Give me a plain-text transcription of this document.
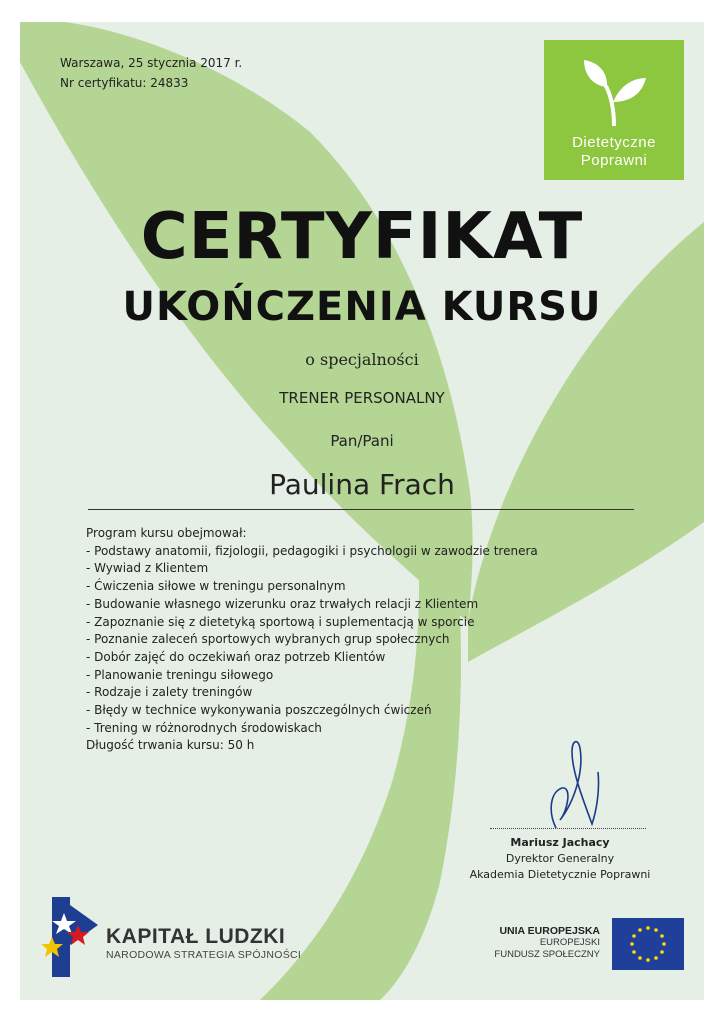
Warszawa, 25 stycznia 2017 r.
Nr certyfikatu: 24833
Dietetyczne
Poprawni
CERTYFIKAT
UKOŃCZENIA KURSU
o specjalności
TRENER PERSONALNY
Pan/Pani
Paulina Frach
Program kursu obejmował:
- Podstawy anatomii, fizjologii, pedagogiki i psychologii w zawodzie trenera
- Wywiad z Klientem
- Ćwiczenia siłowe w treningu personalnym
- Budowanie własnego wizerunku oraz trwałych relacji z Klientem
- Zapoznanie się z dietetyką sportową i suplementacją w sporcie
- Poznanie zaleceń sportowych wybranych grup społecznych
- Dobór zajęć do oczekiwań oraz potrzeb Klientów
- Planowanie treningu siłowego
- Rodzaje i zalety treningów
- Błędy w technice wykonywania poszczególnych ćwiczeń
- Trening w różnorodnych środowiskach
Długość trwania kursu: 50 h
Mariusz Jachacy
Dyrektor Generalny
Akademia Dietetycznie Poprawni
KAPITAŁ LUDZKI
NARODOWA STRATEGIA SPÓJNOŚCI
UNIA EUROPEJSKA
EUROPEJSKI
FUNDUSZ SPOŁECZNY
